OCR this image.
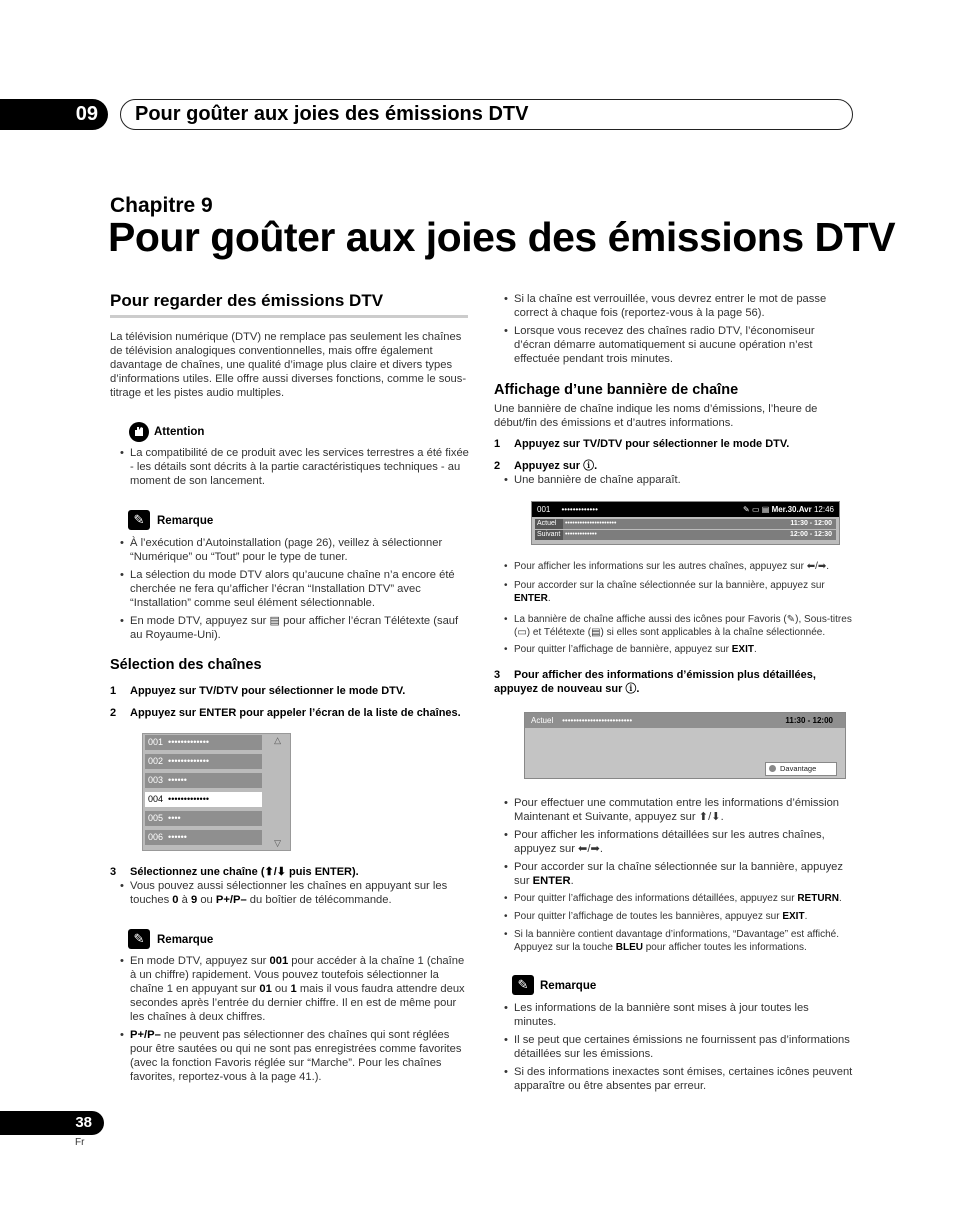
09	Pour goûter aux joies des émissions DTV
Chapitre 9
Pour goûter aux joies des émissions DTV
Pour regarder des émissions DTV
La télévision numérique (DTV) ne remplace pas seulement les chaînes de télévision analogiques conventionnelles, mais offre également davantage de chaînes, une qualité d’image plus claire et divers types d’informations utiles. Elle offre aussi diverses fonctions, comme le sous-titrage et les pistes audio multiples.
Attention
• La compatibilité de ce produit avec les services terrestres a été fixée - les détails sont décrits à la partie caractéristiques techniques - au moment de son lancement.
✎	Remarque
• À l’exécution d’Autoinstallation (page 26), veillez à sélectionner “Numérique” ou “Tout” pour le type de tuner.
• La sélection du mode DTV alors qu’aucune chaîne n’a encore été cherchée ne fera qu’afficher l’écran “Installation DTV” avec “Installation” comme seul élément sélectionnable.
• En mode DTV, appuyez sur ▤ pour afficher l’écran Télétexte (sauf au Royaume-Uni).
Sélection des chaînes
1 Appuyez sur TV/DTV pour sélectionner le mode DTV.
2 Appuyez sur ENTER pour appeler l’écran de la liste de chaînes.
001 •••••••••••••
002 •••••••••••••
003 ••••••
004 •••••••••••••
005 ••••
006 ••••••
△
▽
3 Sélectionnez une chaîne (⬆/⬇ puis ENTER).
• Vous pouvez aussi sélectionner les chaînes en appuyant sur les touches 0 à 9 ou P+/P– du boîtier de télécommande.
✎	Remarque
• En mode DTV, appuyez sur 001 pour accéder à la chaîne 1 (chaîne à un chiffre) rapidement. Vous pouvez toutefois sélectionner la chaîne 1 en appuyant sur 01 ou 1 mais il vous faudra attendre deux secondes après l’entrée du dernier chiffre. Il en est de même pour les chaînes à deux chiffres.
• P+/P– ne peuvent pas sélectionner des chaînes qui sont réglées pour être sautées ou qui ne sont pas enregistrées comme favorites (avec la fonction Favoris réglée sur “Marche”. Pour les chaînes favorites, reportez-vous à la page 41.).
• Si la chaîne est verrouillée, vous devrez entrer le mot de passe correct à chaque fois (reportez-vous à la page 56).
• Lorsque vous recevez des chaînes radio DTV, l’économiseur d’écran démarre automatiquement si aucune opération n’est effectuée pendant trois minutes.
Affichage d’une bannière de chaîne
Une bannière de chaîne indique les noms d’émissions, l’heure de début/fin des émissions et d’autres informations.
1 Appuyez sur TV/DTV pour sélectionner le mode DTV.
2 Appuyez sur ⓘ.
• Une bannière de chaîne apparaît.
001 •••••••••••••	✎ ▭ ▤ Mer.30.Avr 12:46
Actuel •••••••••••••••••••••	11:30 - 12:00
Suivant •••••••••••••	12:00 - 12:30
• Pour afficher les informations sur les autres chaînes, appuyez sur ⬅/➡.
• Pour accorder sur la chaîne sélectionnée sur la bannière, appuyez sur ENTER.
• La bannière de chaîne affiche aussi des icônes pour Favoris (✎), Sous-titres (▭) et Télétexte (▤) si elles sont applicables à la chaîne sélectionnée.
• Pour quitter l’affichage de bannière, appuyez sur EXIT.
3 Pour afficher des informations d’émission plus détaillées, appuyez de nouveau sur ⓘ.
Actuel •••••••••••••••••••••••••	11:30 - 12:00
Davantage
• Pour effectuer une commutation entre les informations d’émission Maintenant et Suivante, appuyez sur ⬆/⬇.
• Pour afficher les informations détaillées sur les autres chaînes, appuyez sur ⬅/➡.
• Pour accorder sur la chaîne sélectionnée sur la bannière, appuyez sur ENTER.
• Pour quitter l’affichage des informations détaillées, appuyez sur RETURN.
• Pour quitter l’affichage de toutes les bannières, appuyez sur EXIT.
• Si la bannière contient davantage d’informations, “Davantage” est affiché. Appuyez sur la touche BLEU pour afficher toutes les informations.
✎	Remarque
• Les informations de la bannière sont mises à jour toutes les minutes.
• Il se peut que certaines émissions ne fournissent pas d’informations détaillées sur les émissions.
• Si des informations inexactes sont émises, certaines icônes peuvent apparaître ou être absentes par erreur.
38
Fr
